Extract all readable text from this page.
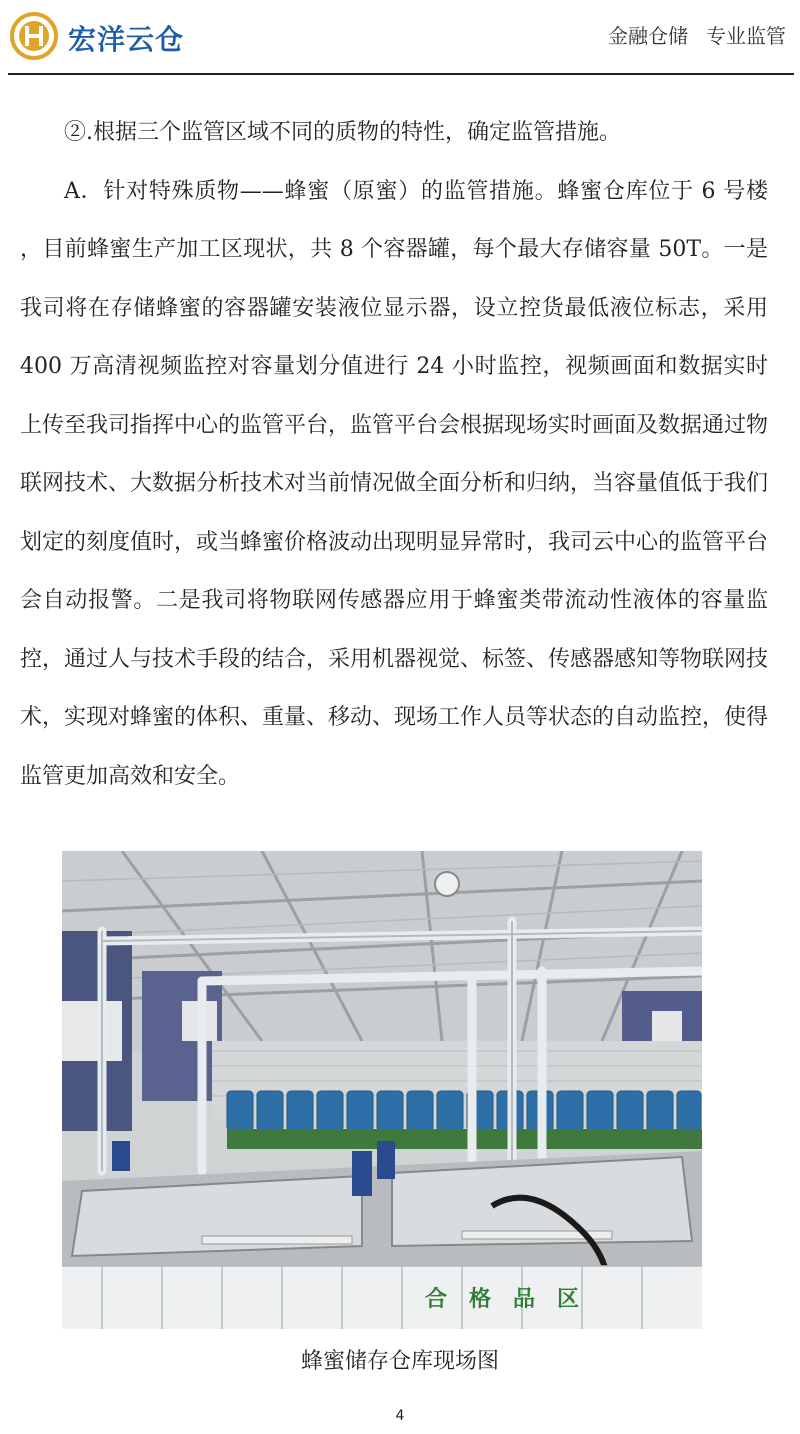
宏洋云仓	金融仓储 专业监管

②.根据三个监管区域不同的质物的特性，确定监管措施。

A．针对特殊质物——蜂蜜（原蜜）的监管措施。蜂蜜仓库位于 6 号楼 ，目前蜂蜜生产加工区现状，共 8 个容器罐，每个最大存储容量 50T。一是我司将在存储蜂蜜的容器罐安装液位显示器，设立控货最低液位标志，采用 400 万高清视频监控对容量划分值进行 24 小时监控，视频画面和数据实时上传至我司指挥中心的监管平台，监管平台会根据现场实时画面及数据通过物联网技术、大数据分析技术对当前情况做全面分析和归纳，当容量值低于我们划定的刻度值时，或当蜂蜜价格波动出现明显异常时，我司云中心的监管平台会自动报警。二是我司将物联网传感器应用于蜂蜜类带流动性液体的容量监控，通过人与技术手段的结合，采用机器视觉、标签、传感器感知等物联网技术，实现对蜂蜜的体积、重量、移动、现场工作人员等状态的自动监控，使得监管更加高效和安全。

合　格　品　区
蜂蜜储存仓库现场图
4
